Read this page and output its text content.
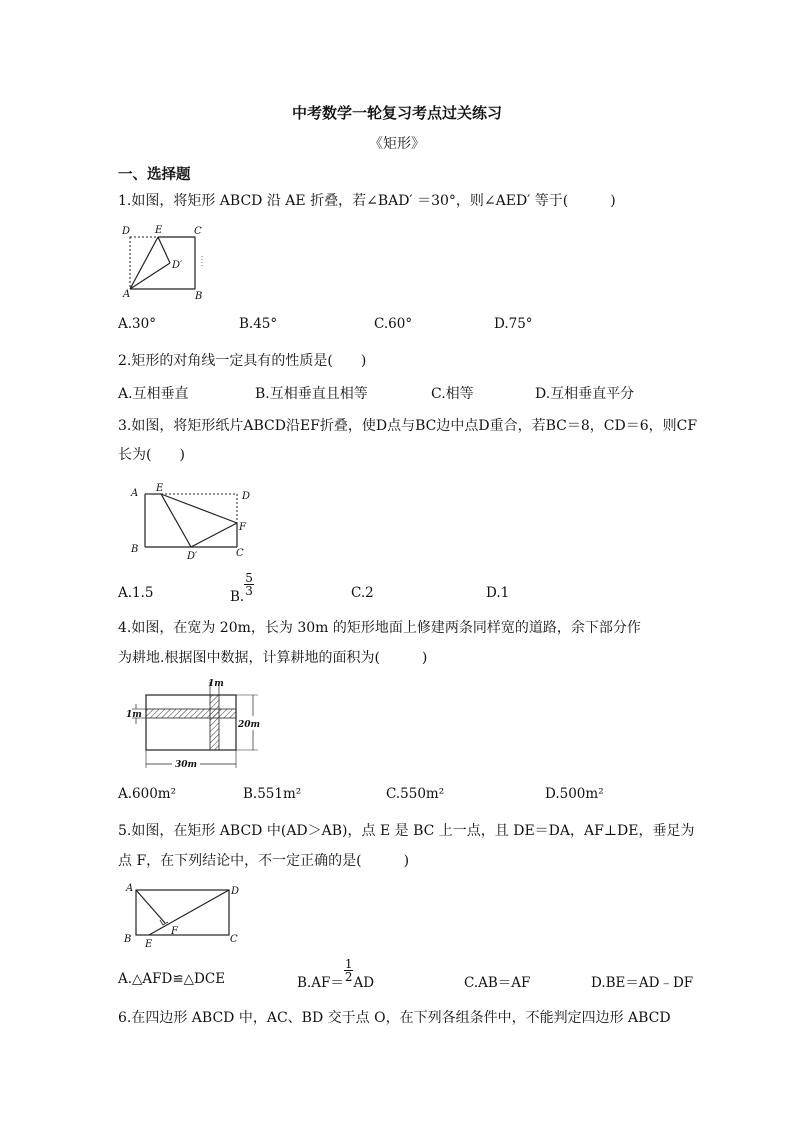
中考数学一轮复习考点过关练习
《矩形》
一、选择题
1.如图，将矩形 ABCD 沿 AE 折叠，若∠BAD′ ＝30°，则∠AED′ 等于(　　　)
D E	C
D′
A	B
A.30°	B.45°	C.60°	D.75°
2.矩形的对角线一定具有的性质是(　　)
A.互相垂直	B.互相垂直且相等	C.相等	D.互相垂直平分
3.如图，将矩形纸片ABCD沿EF折叠，使D点与BC边中点D重合，若BC＝8，CD＝6，则CF
长为(　　)
A E
D
F
B
D′	C
A.1.5	B. $\frac{5}{3}$	C.2	D.1
4.如图，在宽为 20m，长为 30m 的矩形地面上修建两条同样宽的道路，余下部分作
为耕地.根据图中数据，计算耕地的面积为(　　　)
1m
1m
20m
30m
A.600m²	B.551m²	C.550m²	D.500m²
5.如图，在矩形 ABCD 中(AD＞AB)，点 E 是 BC 上一点，且 DE＝DA，AF⊥DE，垂足为
点 F，在下列结论中，不一定正确的是(　　　)
A	D
F
B E	C
A.△AFD≌△DCE	$B.AF= \frac{1}{2}$ AD	C.AB＝AF	D.BE＝AD﹣DF
6.在四边形 ABCD 中，AC、BD 交于点 O，在下列各组条件中，不能判定四边形 ABCD
